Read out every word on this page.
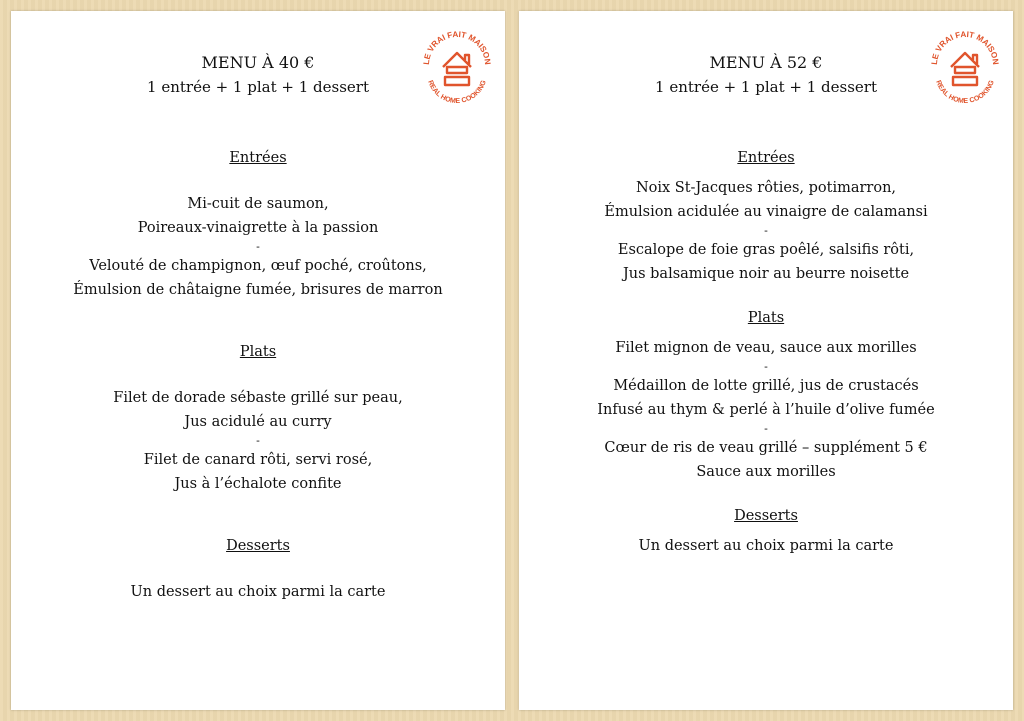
MENU À 40 €
1 entrée + 1 plat + 1 dessert
LE VRAI FAIT MAISON
REAL HOME COOKING
Entrées
Mi-cuit de saumon,
Poireaux-vinaigrette à la passion
-
Velouté de champignon, œuf poché, croûtons,
Émulsion de châtaigne fumée, brisures de marron
Plats
Filet de dorade sébaste grillé sur peau,
Jus acidulé au curry
-
Filet de canard rôti, servi rosé,
Jus à l’échalote confite
Desserts
Un dessert au choix parmi la carte
MENU À 52 €
1 entrée + 1 plat + 1 dessert
LE VRAI FAIT MAISON
REAL HOME COOKING
Entrées
Noix St-Jacques rôties, potimarron,
Émulsion acidulée au vinaigre de calamansi
-
Escalope de foie gras poêlé, salsifis rôti,
Jus balsamique noir au beurre noisette
Plats
Filet mignon de veau, sauce aux morilles
-
Médaillon de lotte grillé, jus de crustacés
Infusé au thym & perlé à l’huile d’olive fumée
-
Cœur de ris de veau grillé – supplément 5 €
Sauce aux morilles
Desserts
Un dessert au choix parmi la carte
